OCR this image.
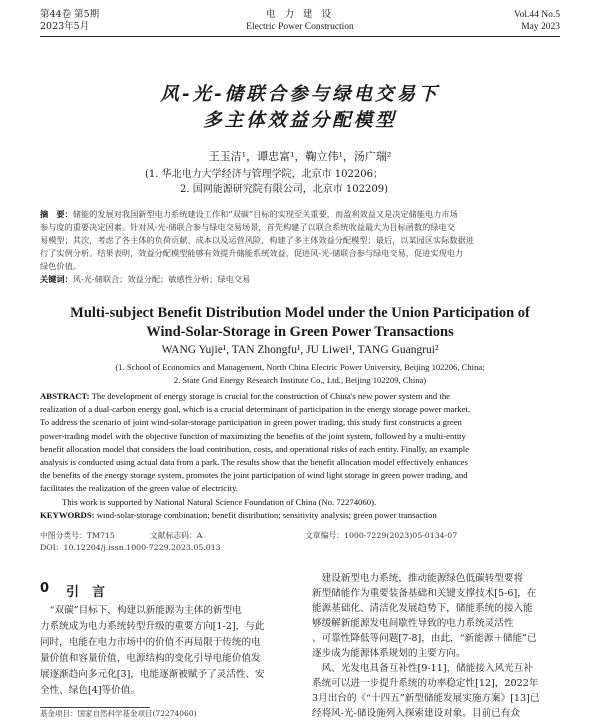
第44卷 第5期
2023年5月
电 力 建 设
Electric Power Construction
Vol.44 No.5
May 2023
风-光-储联合参与绿电交易下
多主体效益分配模型
王玉洁¹，谭忠富¹，鞠立伟¹，汤广瑞²
(1. 华北电力大学经济与管理学院，北京市 102206；
2. 国网能源研究院有限公司，北京市 102209)
摘　要：储能的发展对我国新型电力系统建设工作和“双碳”目标的实现至关重要，而盈利效益又是决定储能电力市场
参与度的重要决定因素。针对风-光-储联合参与绿电交易场景，首先构建了以联合系统收益最大为目标函数的绿电交
易模型；其次，考虑了各主体的负荷贡献、成本以及运营风险，构建了多主体效益分配模型；最后，以某园区实际数据进
行了实例分析。结果表明，效益分配模型能够有效提升储能系统效益，促进风-光-储联合参与绿电交易，促进实现电力
绿色价值。
关键词：风-光-储联合；效益分配；敏感性分析；绿电交易
Multi-subject Benefit Distribution Model under the Union Participation of
Wind-Solar-Storage in Green Power Transactions
WANG Yujie¹, TAN Zhongfu¹, JU Liwei¹, TANG Guangrui²
(1. School of Economics and Management, North China Electric Power University, Beijing 102206, China;
2. State Grid Energy Research Institute Co., Ltd., Beijing 102209, China)
ABSTRACT: The development of energy storage is crucial for the construction of China's new power system and the
realization of a dual-carbon energy goal, which is a crucial determinant of participation in the energy storage power market.
To address the scenario of joint wind-solar-storage participation in green power trading, this study first constructs a green
power-trading model with the objective function of maximizing the benefits of the joint system, followed by a multi-entity
benefit allocation model that considers the load contribution, costs, and operational risks of each entity. Finally, an example
analysis is conducted using actual data from a park. The results show that the benefit allocation model effectively enhances
the benefits of the energy storage system, promotes the joint participation of wind light storage in green power trading, and
facilitates the realization of the green value of electricity.
This work is supported by National Natural Science Foundation of China (No. 72274060).
KEYWORDS: wind-solar-storage combination; benefit distribution; sensitivity analysis; green power transaction
中图分类号：TM715	文献标志码：A	文章编号：1000-7229(2023)05-0134-07
DOI：10.12204/j.issn.1000-7229.2023.05.013
0 引　言

　“双碳”目标下，构建以新能源为主体的新型电

力系统成为电力系统转型升级的重要方向[1-2]，与此

同时，电能在电力市场中的价值不再局限于传统的电

量价值和容量价值，电源结构的变化引导电能价值发

展逐渐趋向多元化[3]，电能逐渐被赋予了灵活性、安

全性、绿色[4]等价值。

　建设新型电力系统，推动能源绿色低碳转型要将

新型储能作为重要装备基础和关键支撑技术[5-6]，在

能源基础化、清洁化发展趋势下，储能系统的接入能

够缓解新能源发电间歇性导致的电力系统灵活性

、可靠性降低等问题[7-8]，由此，“新能源＋储能”已

逐步成为能源体系规划的主要方向。

　风、光发电具备互补性[9-11]，储能接入风光互补

系统可以进一步提升系统的功率稳定性[12]，2022年

3月出台的《“十四五”新型储能发展实施方案》[13]已

经将风-光-储设施列入探索建设对象。目前已有众

基金项目：国家自然科学基金项目(72274060)
